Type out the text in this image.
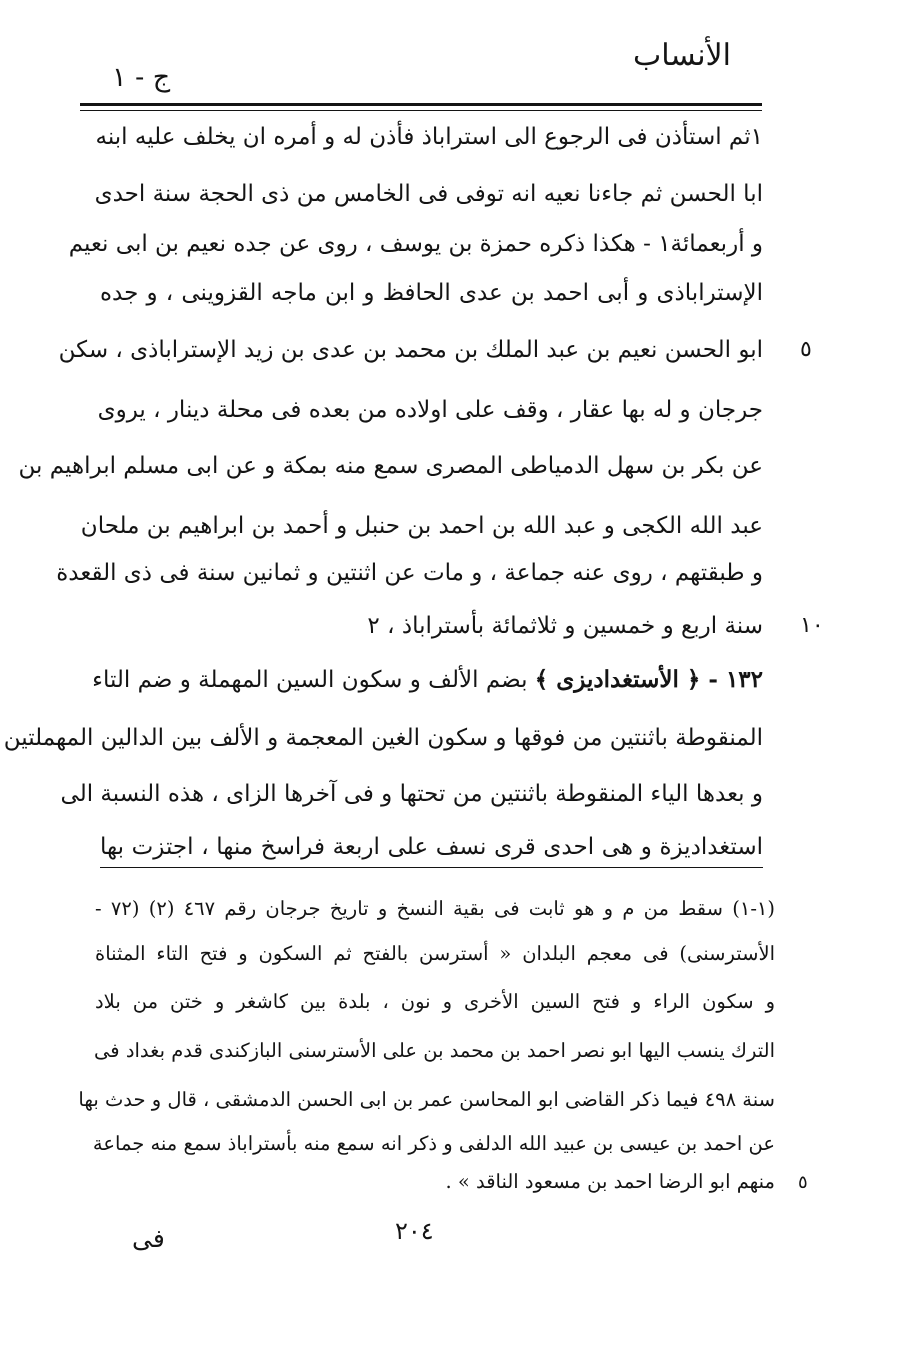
الأنساب
ج - ١
١ثم استأذن فى الرجوع الى استراباذ فأذن له و أمره ان يخلف عليه ابنه
ابا الحسن ثم جاءنا نعيه انه توفى فى الخامس من ذى الحجة سنة احدى
و أربعمائة١ - هكذا ذكره حمزة بن يوسف ، روى عن جده نعيم بن ابى نعيم
الإستراباذى و أبى احمد بن عدى الحافظ و ابن ماجه القزوينى ، و جده
ابو الحسن نعيم بن عبد الملك بن محمد بن عدى بن زيد الإستراباذى ، سكن
جرجان و له بها عقار ، وقف على اولاده من بعده فى محلة دينار ، يروى
عن بكر بن سهل الدمياطى المصرى سمع منه بمكة و عن ابى مسلم ابراهيم بن
عبد الله الكجى و عبد الله بن احمد بن حنبل و أحمد بن ابراهيم بن ملحان
و طبقتهم ، روى عنه جماعة ، و مات عن اثنتين و ثمانين سنة فى ذى القعدة
سنة اربع و خمسين و ثلاثمائة بأستراباذ ، ٢
٥
١٠
١٣٢ - ﴿ الأستغداديزى ﴾ بضم الألف و سكون السين المهملة و ضم التاء
المنقوطة باثنتين من فوقها و سكون الغين المعجمة و الألف بين الدالين المهملتين
و بعدها الياء المنقوطة باثنتين من تحتها و فى آخرها الزاى ، هذه النسبة الى
استغداديزة و هى احدى قرى نسف على اربعة فراسخ منها ، اجتزت بها
(١-١) سقط من م و هو ثابت فى بقية النسخ و تاريخ جرجان رقم ٤٦٧ (٢) (٧٢ -
الأسترسنى) فى معجم البلدان « أسترسن بالفتح ثم السكون و فتح التاء المثناة
و سكون الراء و فتح السين الأخرى و نون ، بلدة بين كاشغر و ختن من بلاد
الترك ينسب اليها ابو نصر احمد بن محمد بن على الأسترسنى البازكندى قدم بغداد فى
سنة ٤٩٨ فيما ذكر القاضى ابو المحاسن عمر بن ابى الحسن الدمشقى ، قال و حدث بها
عن احمد بن عيسى بن عبيد الله الدلفى و ذكر انه سمع منه بأستراباذ سمع منه جماعة
منهم ابو الرضا احمد بن مسعود الناقد » . ٥
٢٠٤
فى
